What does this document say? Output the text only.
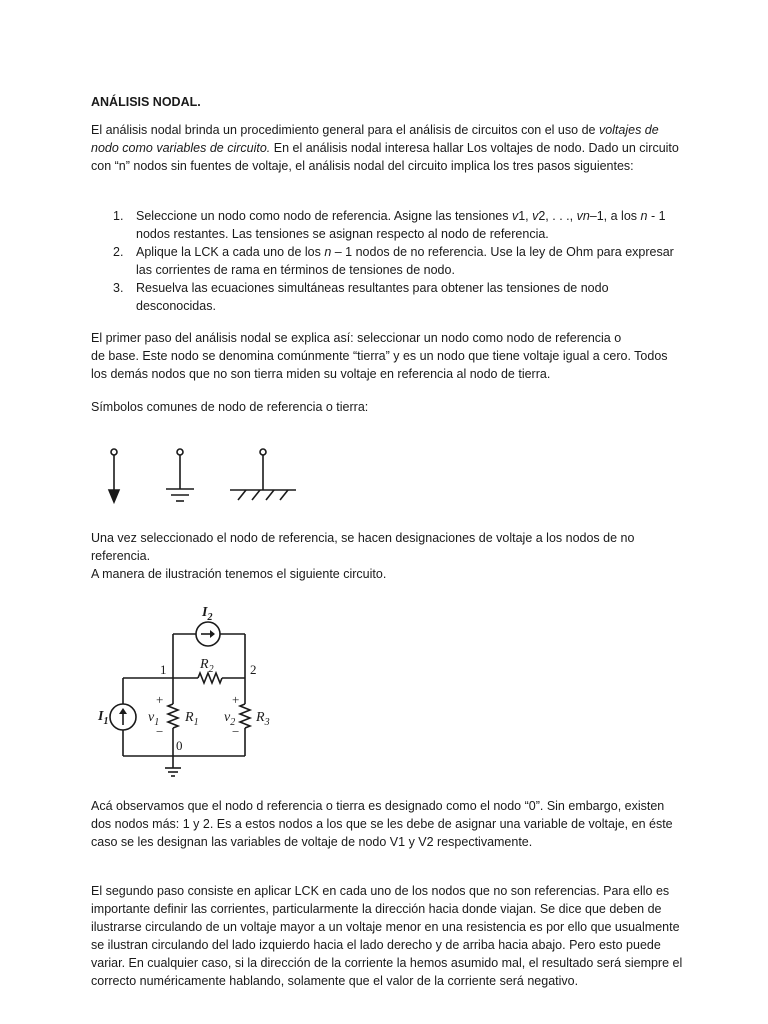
ANÁLISIS NODAL.

El análisis nodal brinda un procedimiento general para el análisis de circuitos con el uso de voltajes de nodo como variables de circuito. En el análisis nodal interesa hallar Los voltajes de nodo. Dado un circuito con “n” nodos sin fuentes de voltaje, el análisis nodal del circuito implica los tres pasos siguientes:

1. Seleccione un nodo como nodo de referencia. Asigne las tensiones v1, v2, . . ., vn–1, a los n - 1 nodos restantes. Las tensiones se asignan respecto al nodo de referencia.
2. Aplique la LCK a cada uno de los n – 1 nodos de no referencia. Use la ley de Ohm para expresar las corrientes de rama en términos de tensiones de nodo.
3. Resuelva las ecuaciones simultáneas resultantes para obtener las tensiones de nodo desconocidas.

El primer paso del análisis nodal se explica así: seleccionar un nodo como nodo de referencia o
de base. Este nodo se denomina comúnmente “tierra” y es un nodo que tiene voltaje igual a cero. Todos los demás nodos que no son tierra miden su voltaje en referencia al nodo de tierra.

Símbolos comunes de nodo de referencia o tierra:

Una vez seleccionado el nodo de referencia, se hacen designaciones de voltaje a los nodos de no referencia.
A manera de ilustración tenemos el siguiente circuito.

$I_2$
$I_1$
$R_2$
$R_1$	$R_3$
$v_1$	$v_2$
1	2
0
+
−
+
−

Acá observamos que el nodo d referencia o tierra es designado como el nodo “0”. Sin embargo, existen dos nodos más: 1 y 2. Es a estos nodos a los que se les debe de asignar una variable de voltaje, en éste caso se les designan las variables de voltaje de nodo V1 y V2 respectivamente.

El segundo paso consiste en aplicar LCK en cada uno de los nodos que no son referencias. Para ello es importante definir las corrientes, particularmente la dirección hacia donde viajan. Se dice que deben de ilustrarse circulando de un voltaje mayor a un voltaje menor en una resistencia es por ello que usualmente se ilustran circulando del lado izquierdo hacia el lado derecho y de arriba hacia abajo. Pero esto puede variar. En cualquier caso, si la dirección de la corriente la hemos asumido mal, el resultado será siempre el correcto numéricamente hablando, solamente que el valor de la corriente será negativo.
